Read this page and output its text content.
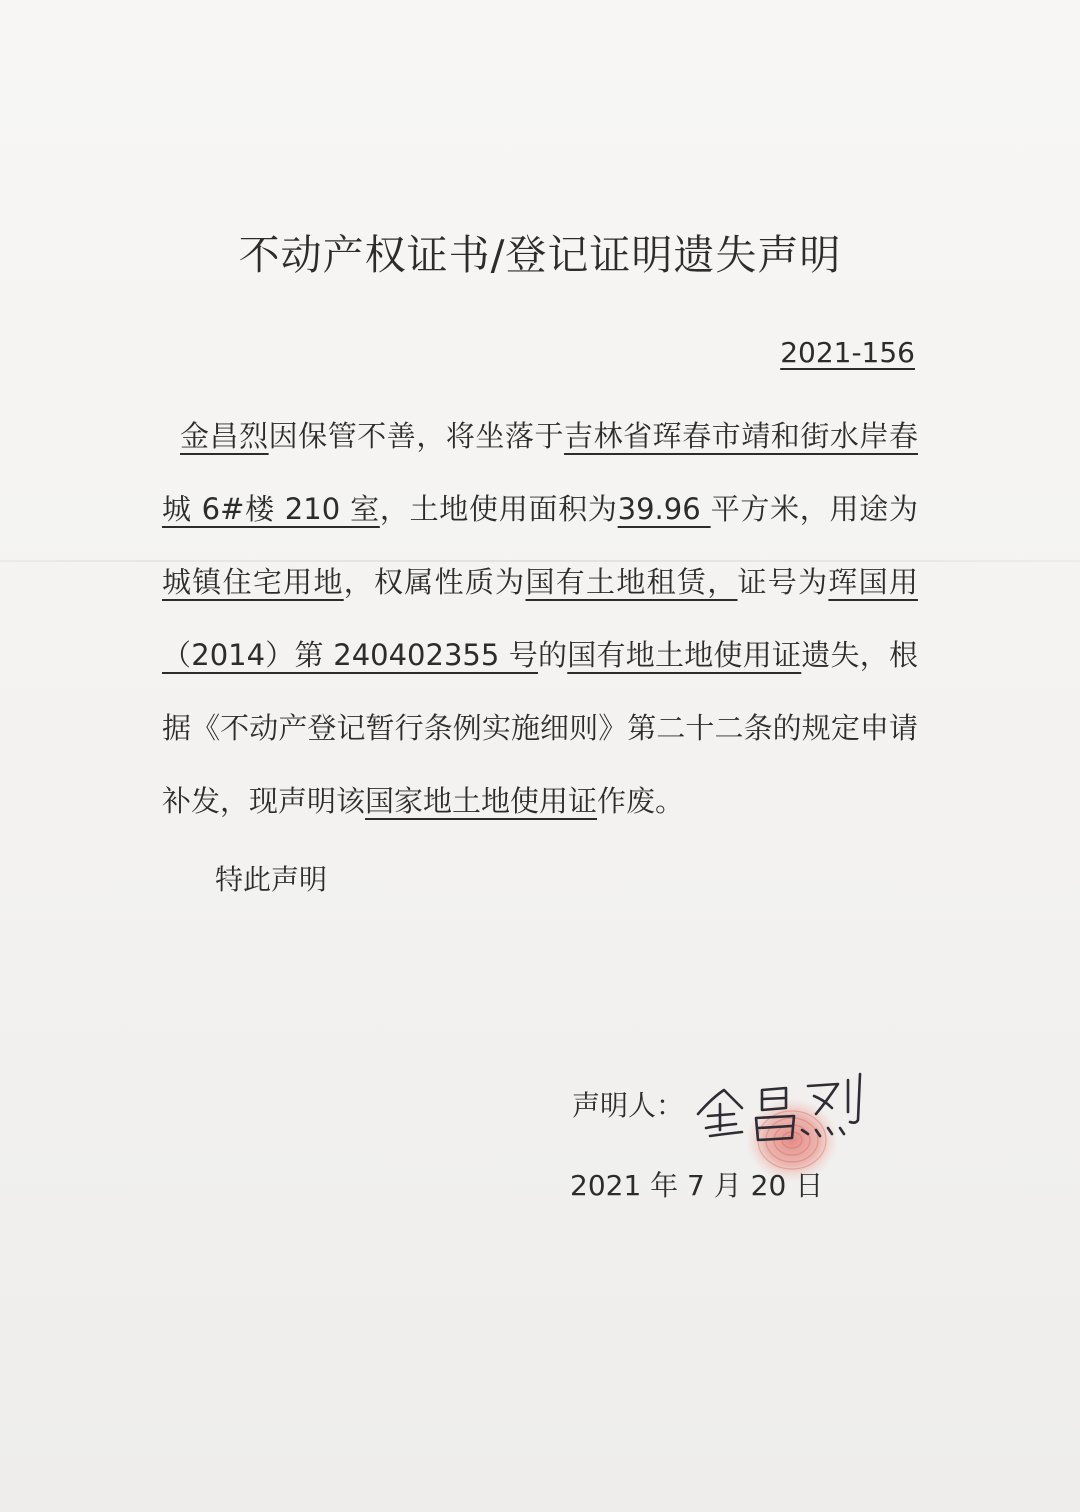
不动产权证书/登记证明遗失声明
2021-156
金昌烈因保管不善，将坐落于吉林省珲春市靖和街水岸春城 6#楼 210 室，土地使用面积为39.96 平方米，用途为城镇住宅用地，权属性质为国有土地租赁，证号为珲国用（2014）第 240402355 号的国有地土地使用证遗失，根据《不动产登记暂行条例实施细则》第二十二条的规定申请补发，现声明该国家地土地使用证作废。
特此声明
声明人：
2021 年 7 月 20 日
